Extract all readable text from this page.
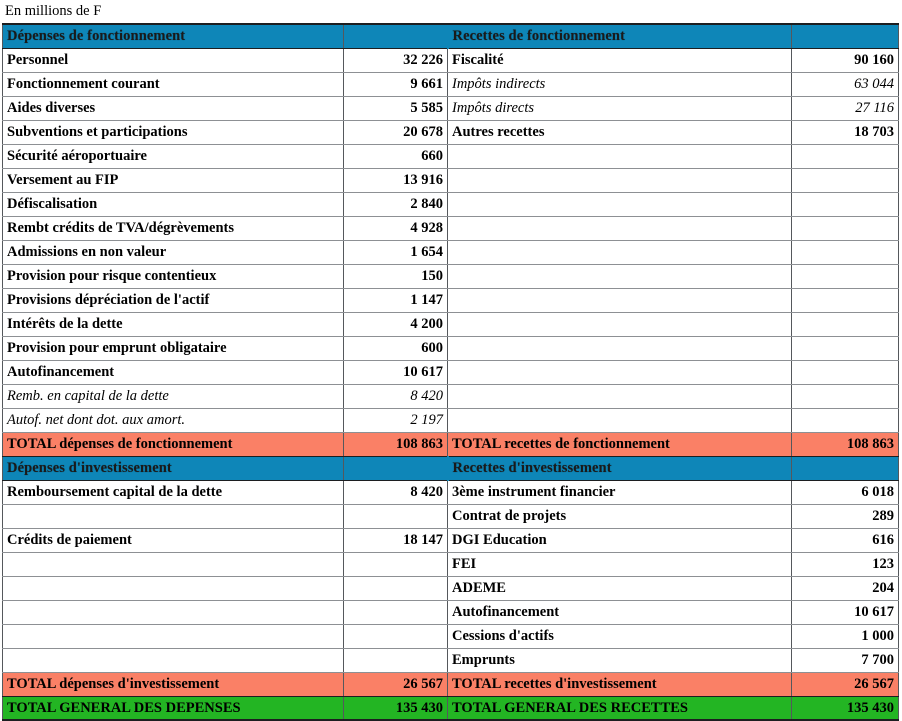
En millions de F
Dépenses de fonctionnement		Recettes de fonctionnement	
Personnel	32 226	Fiscalité	90 160
Fonctionnement courant	9 661	Impôts indirects	63 044
Aides diverses	5 585	Impôts directs	27 116
Subventions et participations	20 678	Autres recettes	18 703
Sécurité aéroportuaire	660		
Versement au FIP	13 916		
Défiscalisation	2 840		
Rembt crédits de TVA/dégrèvements	4 928		
Admissions en non valeur	1 654		
Provision pour risque contentieux	150		
Provisions dépréciation de l'actif	1 147		
Intérêts de la dette	4 200		
Provision pour emprunt obligataire	600		
Autofinancement	10 617		
Remb. en capital de la dette	8 420		
Autof. net dont dot. aux amort.	2 197		
TOTAL dépenses de fonctionnement	108 863	TOTAL recettes de fonctionnement	108 863
Dépenses d'investissement		Recettes d'investissement	
Remboursement capital de la dette	8 420	3ème instrument financier	6 018
		Contrat de projets	289
Crédits de paiement	18 147	DGI Education	616
		FEI	123
		ADEME	204
		Autofinancement	10 617
		Cessions d'actifs	1 000
		Emprunts	7 700
TOTAL dépenses d'investissement	26 567	TOTAL recettes d'investissement	26 567
TOTAL GENERAL DES DEPENSES	135 430	TOTAL GENERAL DES RECETTES	135 430
